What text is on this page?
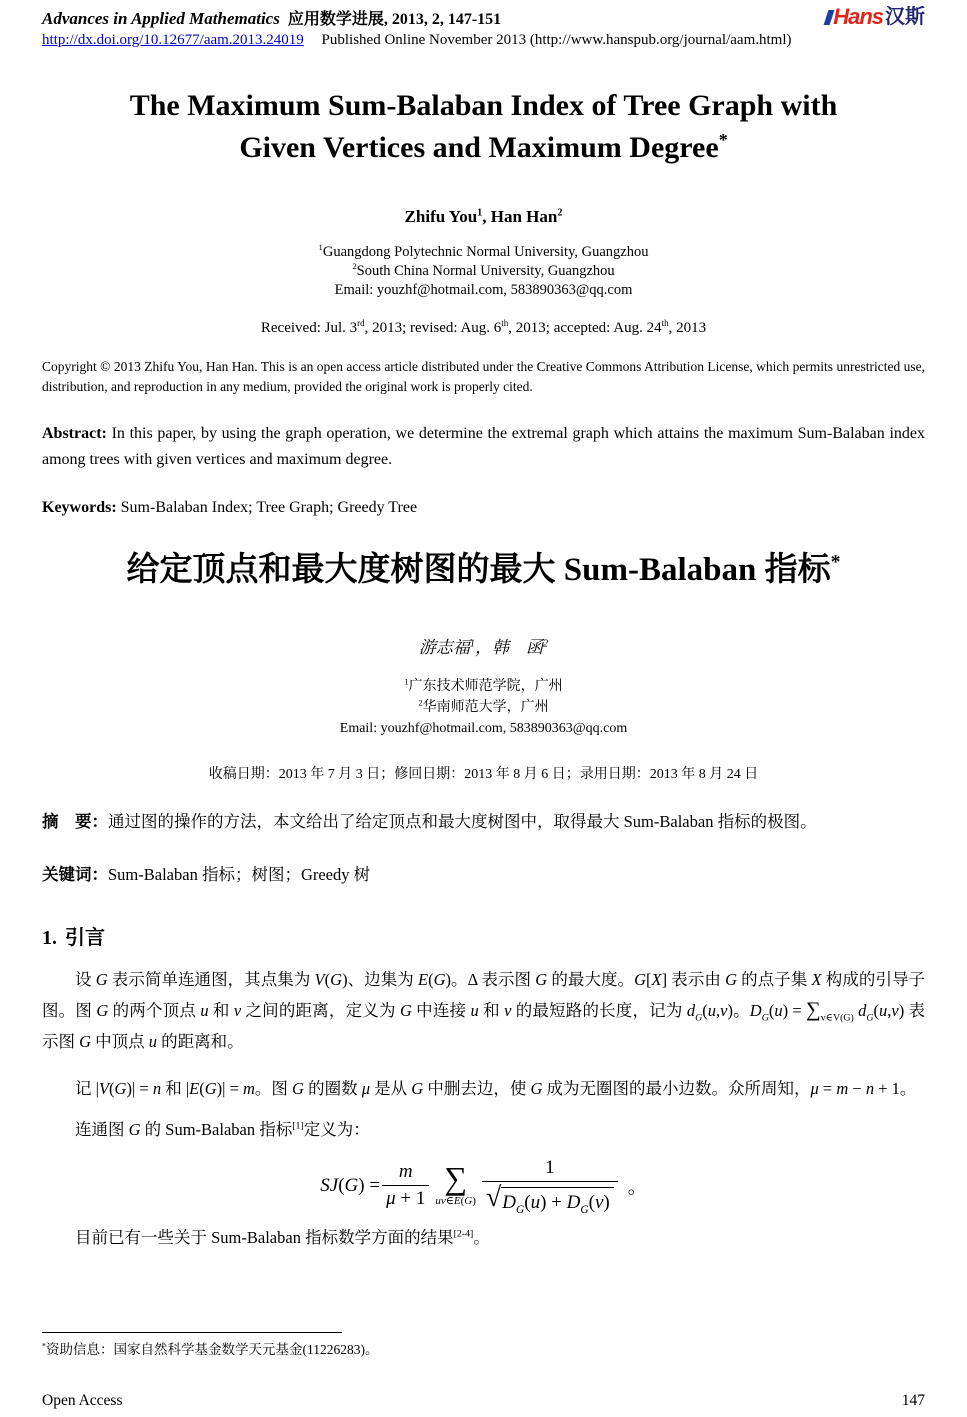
Advances in Applied Mathematics 应用数学进展, 2013, 2, 147-151	Hans 汉斯
http://dx.doi.org/10.12677/aam.2013.24019 Published Online November 2013 (http://www.hanspub.org/journal/aam.html)
The Maximum Sum-Balaban Index of Tree Graph with
Given Vertices and Maximum Degree*
Zhifu You$^1$, Han Han$^2$
$^1$Guangdong Polytechnic Normal University, Guangzhou
$^2$South China Normal University, Guangzhou
Email: youzhf@hotmail.com, 583890363@qq.com
Received: Jul. 3rd, 2013; revised: Aug. 6th, 2013; accepted: Aug. 24th, 2013
Copyright © 2013 Zhifu You, Han Han. This is an open access article distributed under the Creative Commons Attribution License, which permits unrestricted use, distribution, and reproduction in any medium, provided the original work is properly cited.
Abstract: In this paper, by using the graph operation, we determine the extremal graph which attains the maximum Sum-Balaban index among trees with given vertices and maximum degree.
Keywords: Sum-Balaban Index; Tree Graph; Greedy Tree
给定顶点和最大度树图的最大 Sum-Balaban 指标*
游志福$^1$，韩　函$^2$
$^1$广东技术师范学院，广州
$^2$华南师范大学，广州
Email: youzhf@hotmail.com, 583890363@qq.com
收稿日期：2013 年 7 月 3 日；修回日期：2013 年 8 月 6 日；录用日期：2013 年 8 月 24 日
摘　要：通过图的操作的方法，本文给出了给定顶点和最大度树图中，取得最大 Sum-Balaban 指标的极图。
关键词：Sum-Balaban 指标；树图；Greedy 树
1. 引言

设 G 表示简单连通图，其点集为 V(G)、边集为 E(G)。Δ 表示图 G 的最大度。G[X] 表示由 G 的点子集 X 构成的引导子图。图 G 的两个顶点 u 和 v 之间的距离，定义为 G 中连接 u 和 v 的最短路的长度，记为 $d_G(u,v)$。$D_G(u) = \sum_{v\in V(G)}$ $d_G(u,v)$ 表示图 G 中顶点 u 的距离和。

记 |V(G)| = n 和 |E(G)| = m。图 G 的圈数 μ 是从 G 中删去边，使 G 成为无圈图的最小边数。众所周知，μ = m − n + 1。

连通图 G 的 Sum-Balaban 指标[1]定义为：

$SJ(G) = \frac{m}{\mu + 1}$ ∑
uv∈E(G) $\frac{1}{√ D_G(u) + D_G(v)}$ 。

目前已有一些关于 Sum-Balaban 指标数学方面的结果[2-4]。

*资助信息：国家自然科学基金数学天元基金(11226283)。
Open Access	147
